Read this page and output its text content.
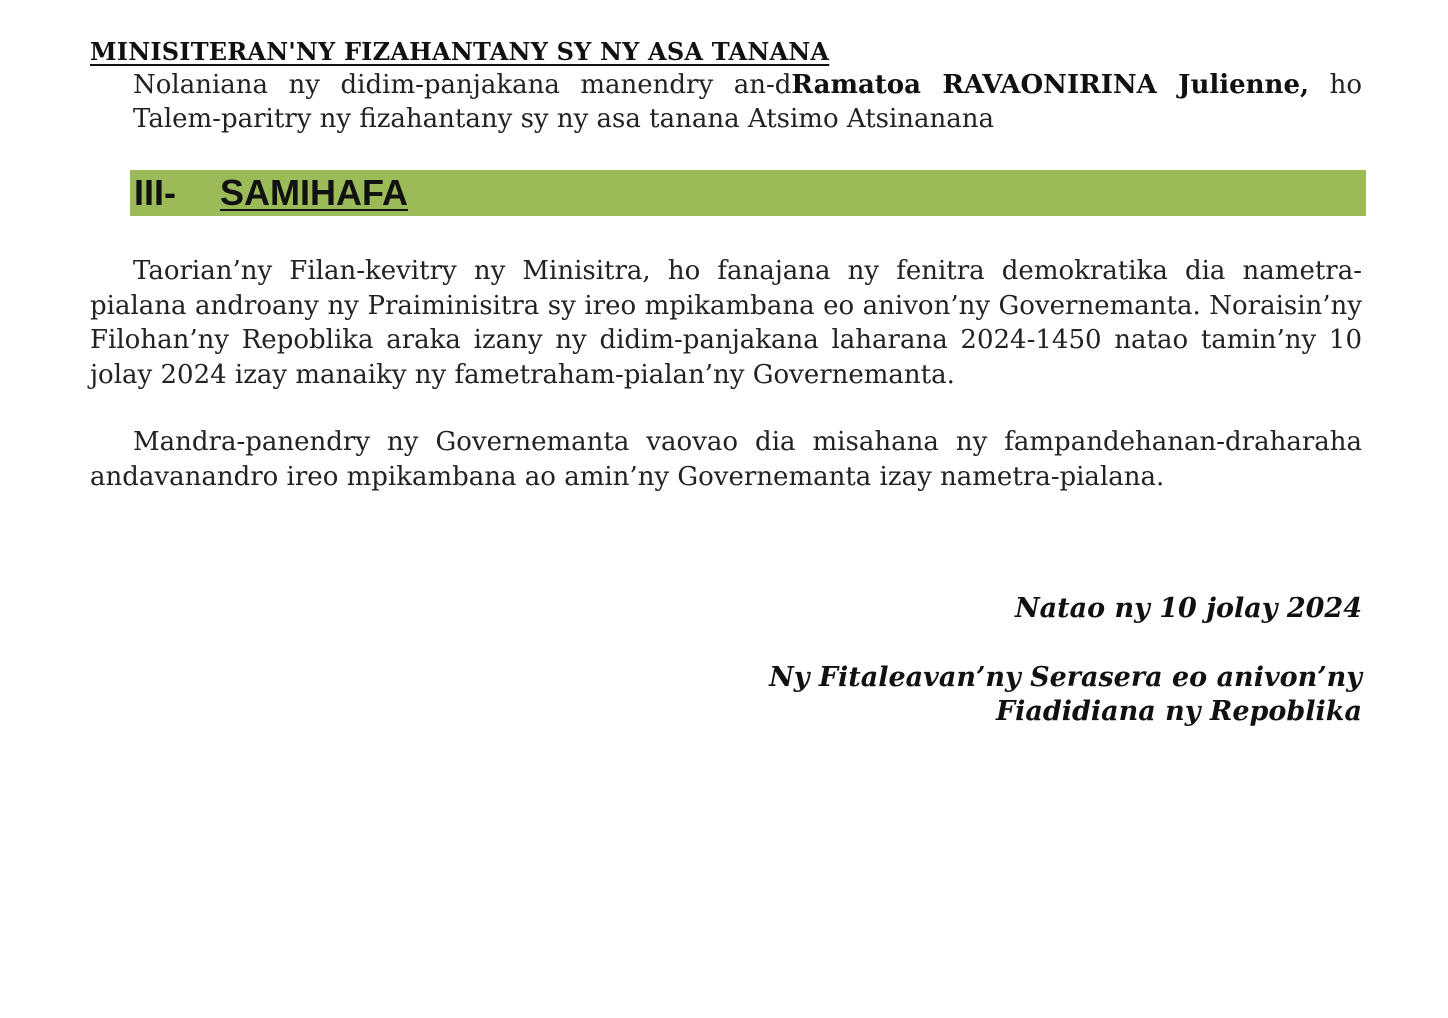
MINISITERAN'NY FIZAHANTANY SY NY ASA TANANA

Nolaniana ny didim-panjakana manendry an-dRamatoa RAVAONIRINA Julienne, ho Talem-paritry ny fizahantany sy ny asa tanana Atsimo Atsinanana

III-	SAMIHAFA

Taorian’ny Filan-kevitry ny Minisitra, ho fanajana ny fenitra demokratika dia nametra-pialana androany ny Praiminisitra sy ireo mpikambana eo anivon’ny Governemanta. Noraisin’ny Filohan’ny Repoblika araka izany ny didim-panjakana laharana 2024-1450 natao tamin’ny 10 jolay 2024 izay manaiky ny fametraham-pialan’ny Governemanta.

Mandra-panendry ny Governemanta vaovao dia misahana ny fampandehanan-draharaha andavanandro ireo mpikambana ao amin’ny Governemanta izay nametra-pialana.

Natao ny 10 jolay 2024
Ny Fitaleavan’ny Serasera eo anivon’ny
Fiadidiana ny Repoblika
